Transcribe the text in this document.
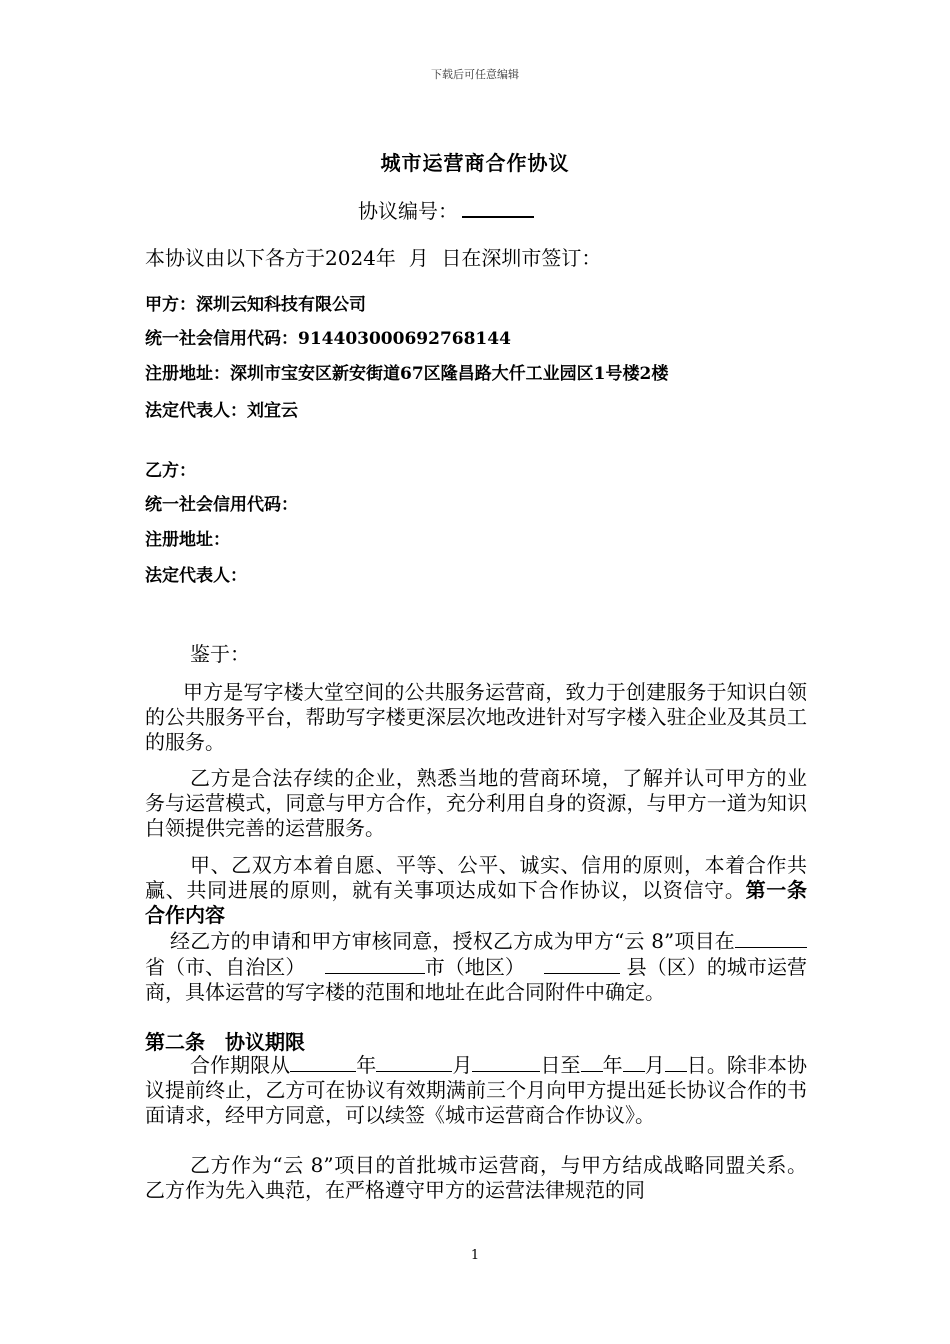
下载后可任意编辑
城市运营商合作协议
协议编号：
本协议由以下各方于2024年  月  日在深圳市签订：
甲方：深圳云知科技有限公司
统一社会信用代码：914403000692768144
注册地址：深圳市宝安区新安街道67区隆昌路大仟工业园区1号楼2楼
法定代表人：刘宜云
乙方：
统一社会信用代码：
注册地址：
法定代表人：
鉴于：
甲方是写字楼大堂空间的公共服务运营商，致力于创建服务于知识白领的公共服务平台，帮助写字楼更深层次地改进针对写字楼入驻企业及其员工的服务。
乙方是合法存续的企业，熟悉当地的营商环境，了解并认可甲方的业务与运营模式，同意与甲方合作，充分利用自身的资源，与甲方一道为知识白领提供完善的运营服务。
甲、乙双方本着自愿、平等、公平、诚实、信用的原则，本着合作共赢、共同进展的原则，就有关事项达成如下合作协议，以资信守。第一条　合作内容
经乙方的申请和甲方审核同意，授权乙方成为甲方“云 8”项目在省（市、自治区）	市（地区）	县（区）的城市运营商，具体运营的写字楼的范围和地址在此合同附件中确定。
第二条　协议期限
合作期限从	年	月	日至 年 月 日。除非本协议提前终止，乙方可在协议有效期满前三个月向甲方提出延长协议合作的书面请求，经甲方同意，可以续签《城市运营商合作协议》。
乙方作为“云 8”项目的首批城市运营商，与甲方结成战略同盟关系。乙方作为先入典范，在严格遵守甲方的运营法律规范的同
1
